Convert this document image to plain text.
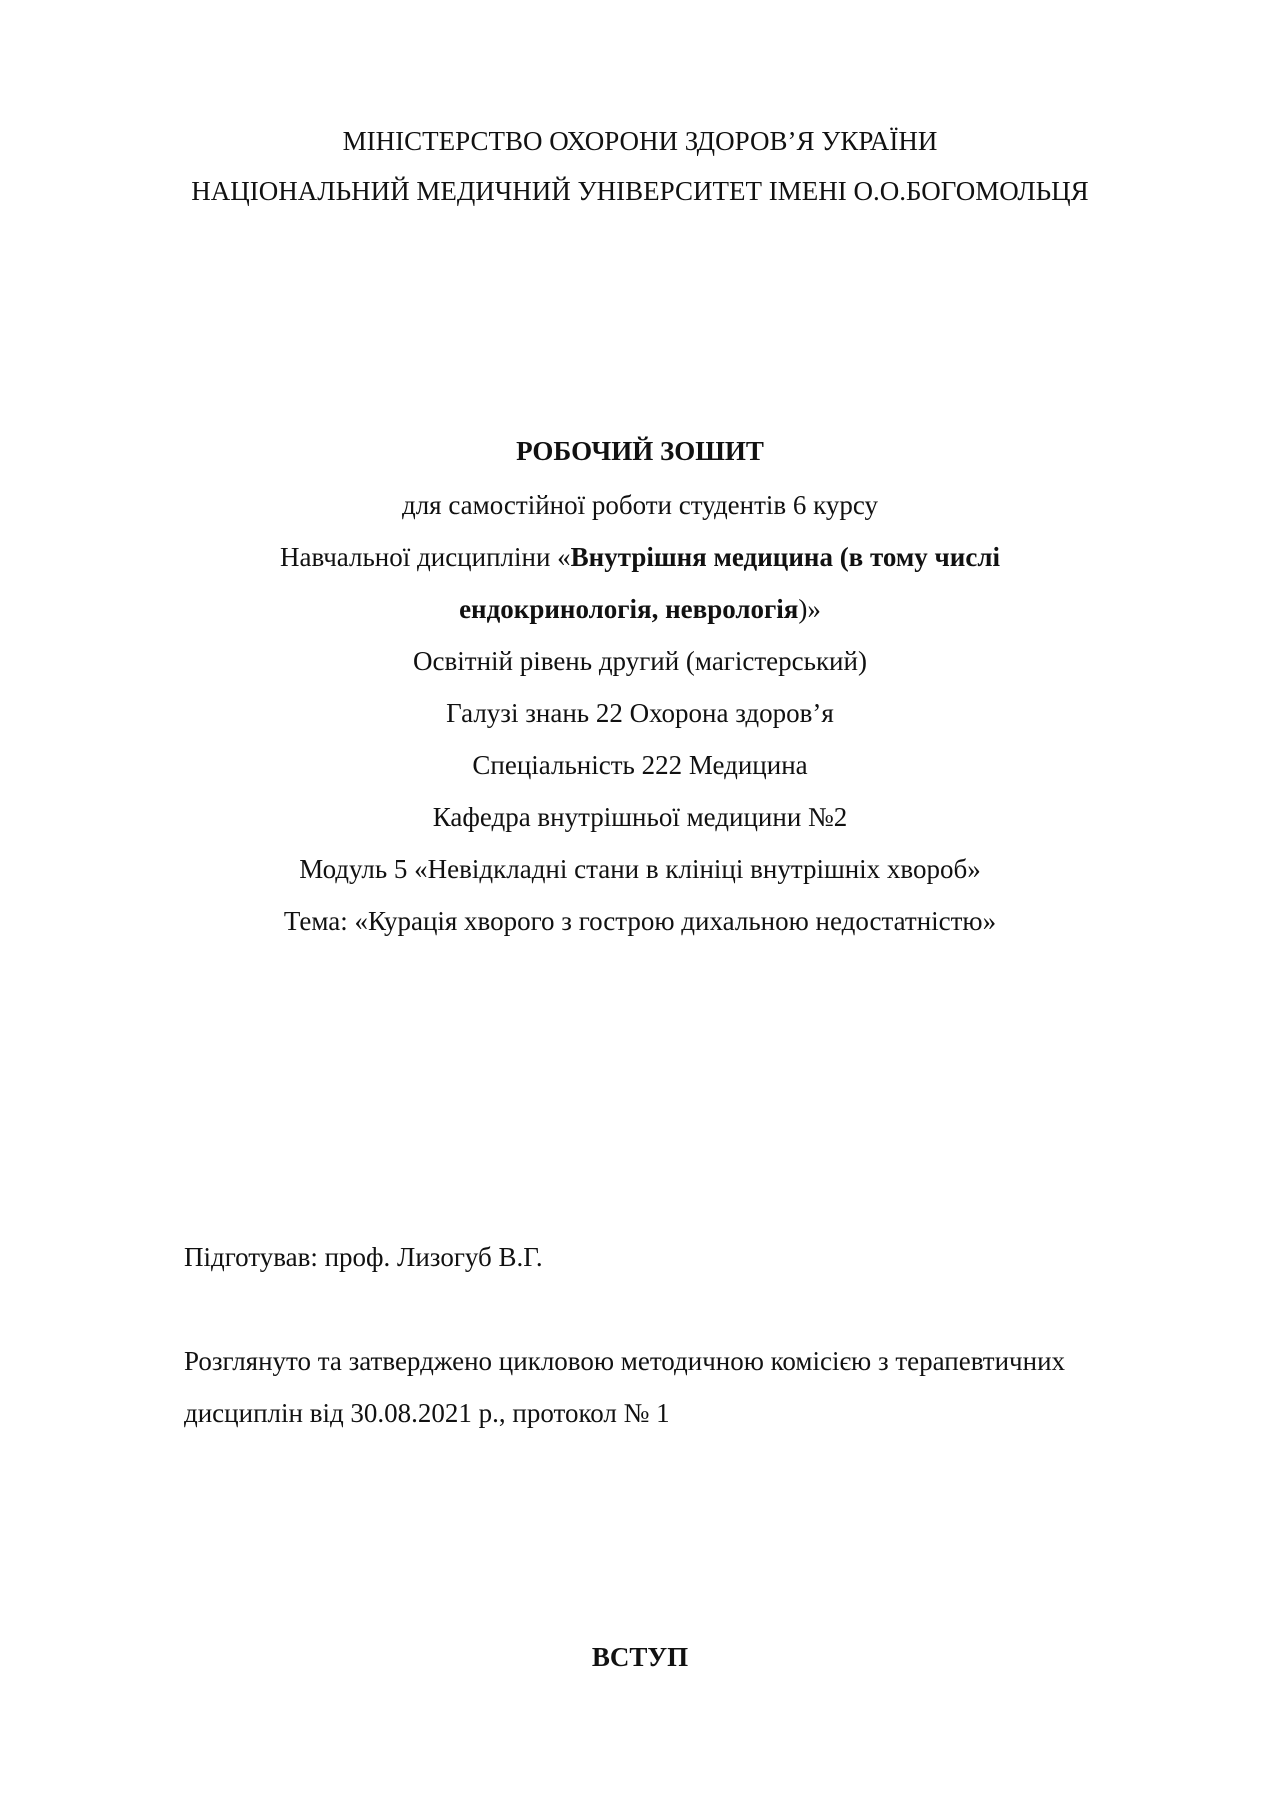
МІНІСТЕРСТВО ОХОРОНИ ЗДОРОВ’Я УКРАЇНИ
НАЦІОНАЛЬНИЙ МЕДИЧНИЙ УНІВЕРСИТЕТ ІМЕНІ О.О.БОГОМОЛЬЦЯ
РОБОЧИЙ ЗОШИТ
для самостійної роботи студентів 6 курсу
Навчальної дисципліни «Внутрішня медицина (в тому числі
ендокринологія, неврологія)»
Освітній рівень другий (магістерський)
Галузі знань 22 Охорона здоров’я
Спеціальність 222 Медицина
Кафедра внутрішньої медицини №2
Модуль 5 «Невідкладні стани в клініці внутрішніх хвороб»
Тема: «Курація хворого з гострою дихальною недостатністю»
Підготував: проф. Лизогуб В.Г.
Розглянуто та затверджено цикловою методичною комісією з терапевтичних
дисциплін від 30.08.2021 р., протокол № 1
ВСТУП
